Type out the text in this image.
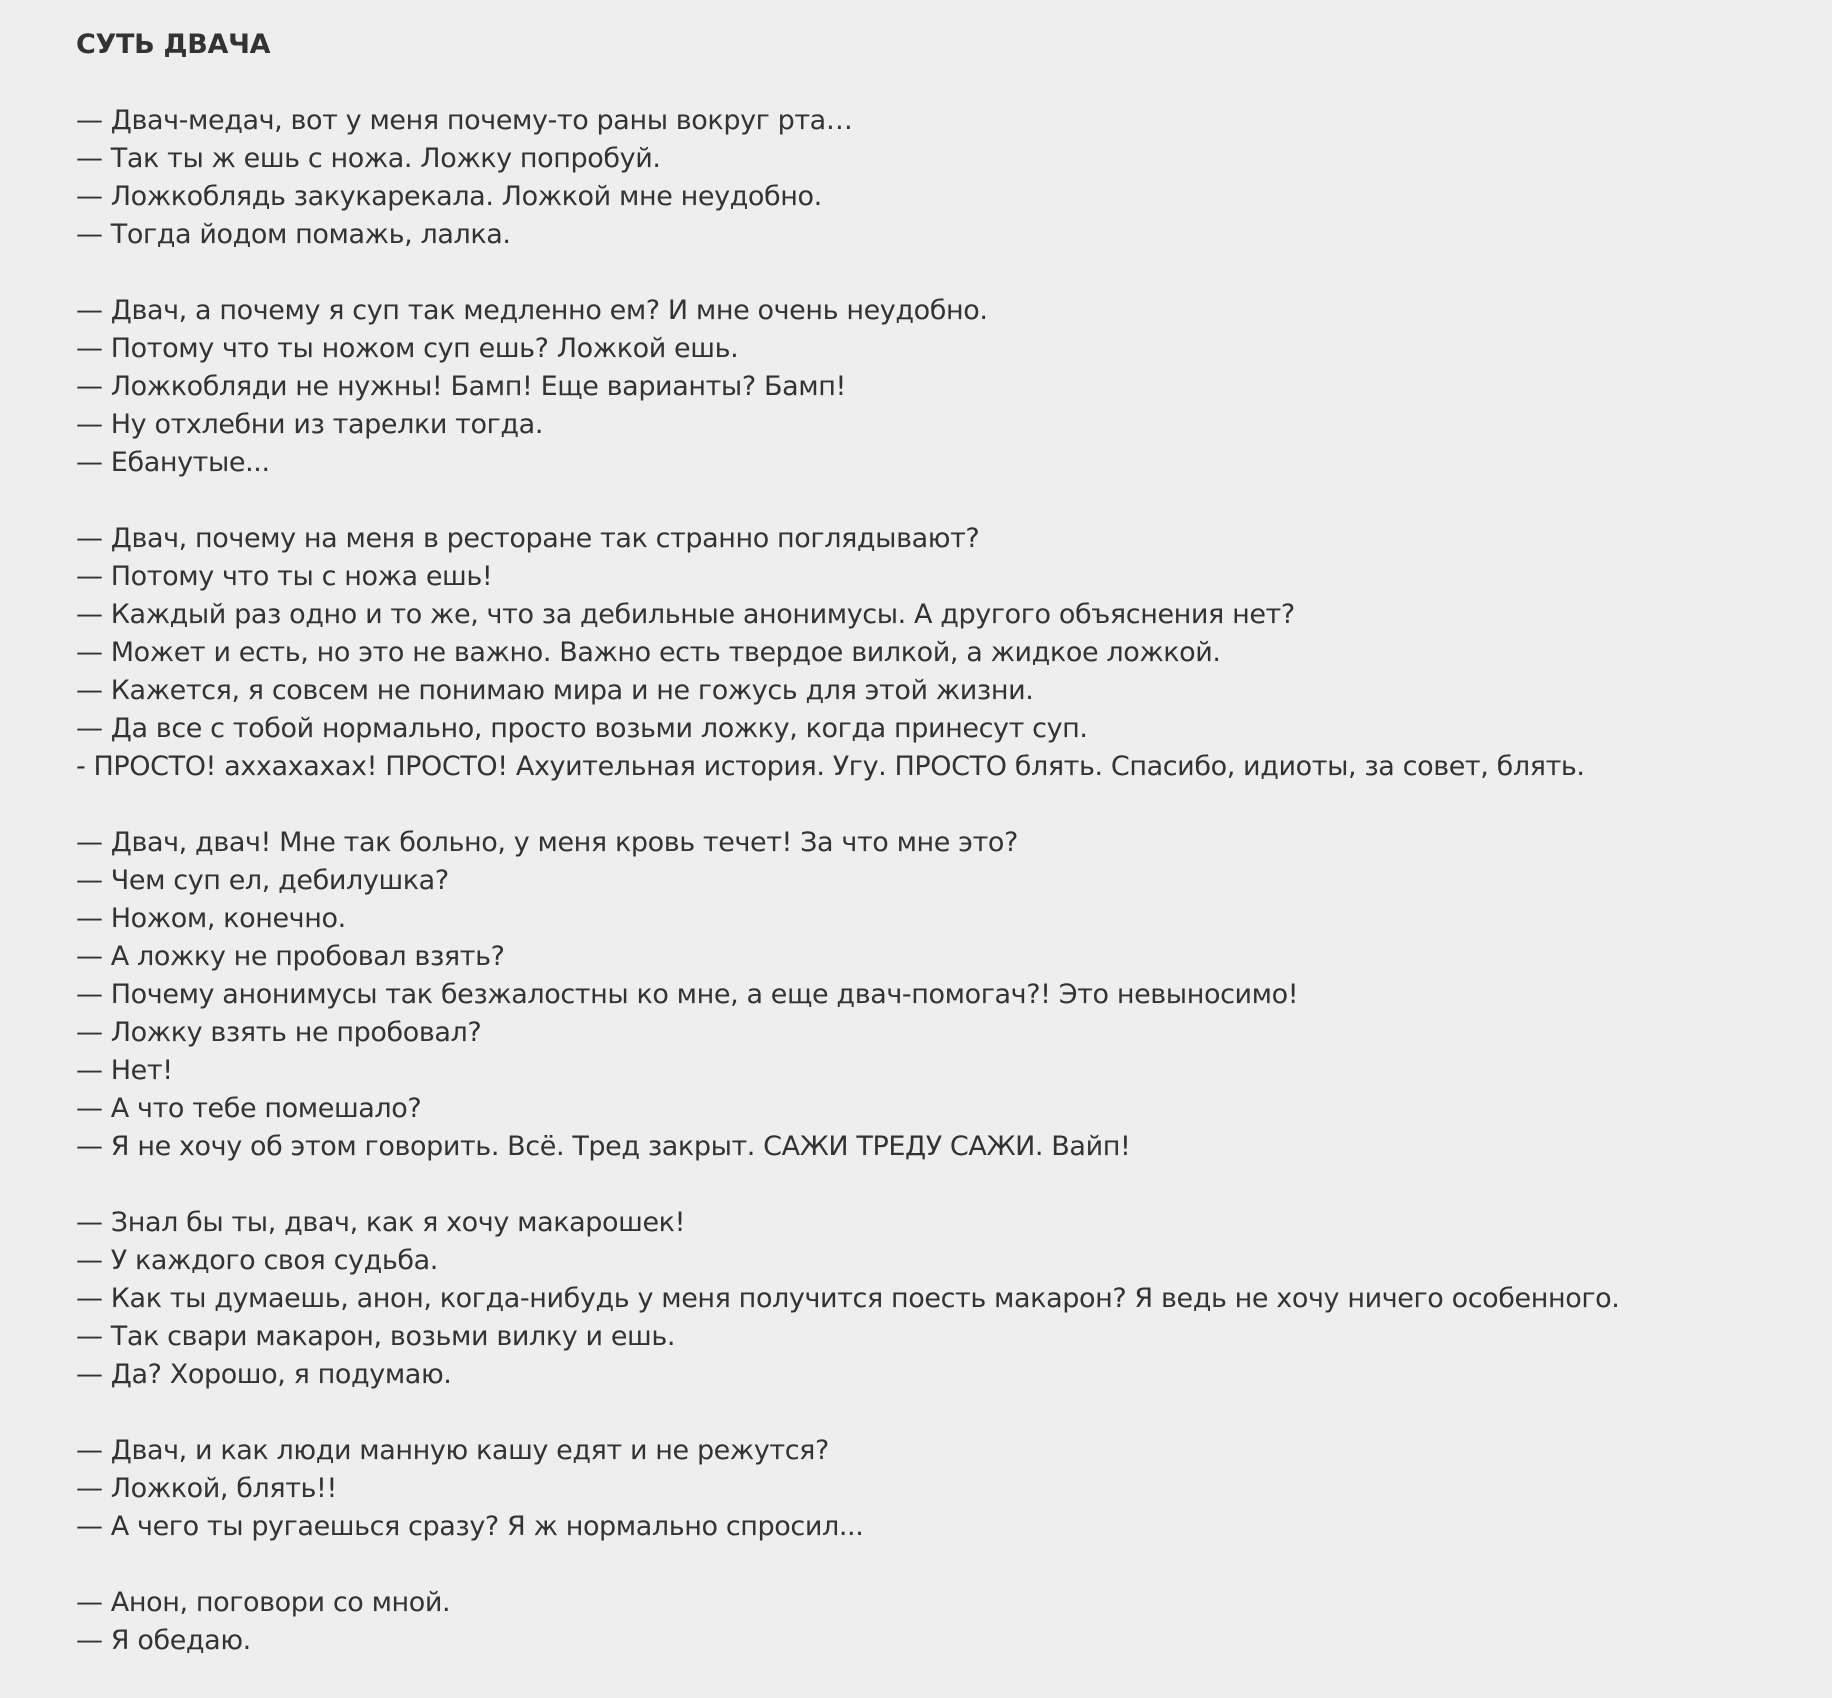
СУТЬ ДВАЧА
— Двач-медач, вот у меня почему-то раны вокруг рта…
— Так ты ж ешь с ножа. Ложку попробуй.
— Ложкоблядь закукарекала. Ложкой мне неудобно.
— Тогда йодом помажь, лалка.
— Двач, а почему я суп так медленно ем? И мне очень неудобно.
— Потому что ты ножом суп ешь? Ложкой ешь.
— Ложкобляди не нужны! Бамп! Еще варианты? Бамп!
— Ну отхлебни из тарелки тогда.
— Ебанутые...
— Двач, почему на меня в ресторане так странно поглядывают?
— Потому что ты с ножа ешь!
— Каждый раз одно и то же, что за дебильные анонимусы. А другого объяснения нет?
— Может и есть, но это не важно. Важно есть твердое вилкой, а жидкое ложкой.
— Кажется, я совсем не понимаю мира и не гожусь для этой жизни.
— Да все с тобой нормально, просто возьми ложку, когда принесут суп.
- ПРОСТО! аххахахах! ПРОСТО! Ахуительная история. Угу. ПРОСТО блять. Спасибо, идиоты, за совет, блять.
— Двач, двач! Мне так больно, у меня кровь течет! За что мне это?
— Чем суп ел, дебилушка?
— Ножом, конечно.
— А ложку не пробовал взять?
— Почему анонимусы так безжалостны ко мне, а еще двач-помогач?! Это невыносимо!
— Ложку взять не пробовал?
— Нет!
— А что тебе помешало?
— Я не хочу об этом говорить. Всё. Тред закрыт. САЖИ ТРЕДУ САЖИ. Вайп!
— Знал бы ты, двач, как я хочу макарошек!
— У каждого своя судьба.
— Как ты думаешь, анон, когда-нибудь у меня получится поесть макарон? Я ведь не хочу ничего особенного.
— Так свари макарон, возьми вилку и ешь.
— Да? Хорошо, я подумаю.
— Двач, и как люди манную кашу едят и не режутся?
— Ложкой, блять!!
— А чего ты ругаешься сразу? Я ж нормально спросил...
— Анон, поговори со мной.
— Я обедаю.
